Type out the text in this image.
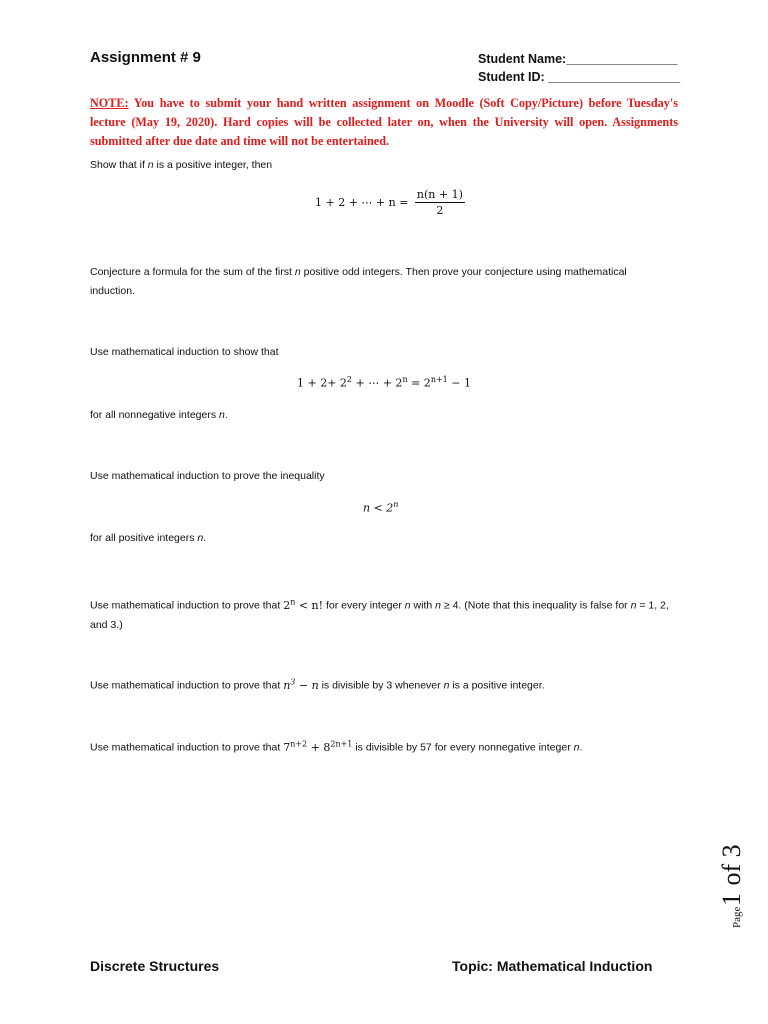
Assignment # 9	Student Name:________________
Student ID: ___________________
NOTE: You have to submit your hand written assignment on Moodle (Soft Copy/Picture) before Tuesday's lecture (May 19, 2020). Hard copies will be collected later on, when the University will open. Assignments submitted after due date and time will not be entertained.
Show that if n is a positive integer, then
1 + 2 + ⋯ + $n = \frac{n(n + 1)}{2}$
Conjecture a formula for the sum of the first n positive odd integers. Then prove your conjecture using mathematical induction.
Use mathematical induction to show that
$1 + 2+ 2^2$ + ⋯ + $2^n = 2^{n+1} - 1$
for all nonnegative integers n.
Use mathematical induction to prove the inequality
$n < 2^n$
for all positive integers n.
Use mathematical induction to prove that $2^n < n$! for every integer n with n ≥ 4. (Note that this inequality is false for n = 1, 2, and 3.)
Use mathematical induction to prove that $n^3 - n$ is divisible by 3 whenever n is a positive integer.
Use mathematical induction to prove that $7^{n+2} + 8^{2n+1}$ is divisible by 57 for every nonnegative integer n.
Page
1
of 3
Discrete Structures	Topic: Mathematical Induction
